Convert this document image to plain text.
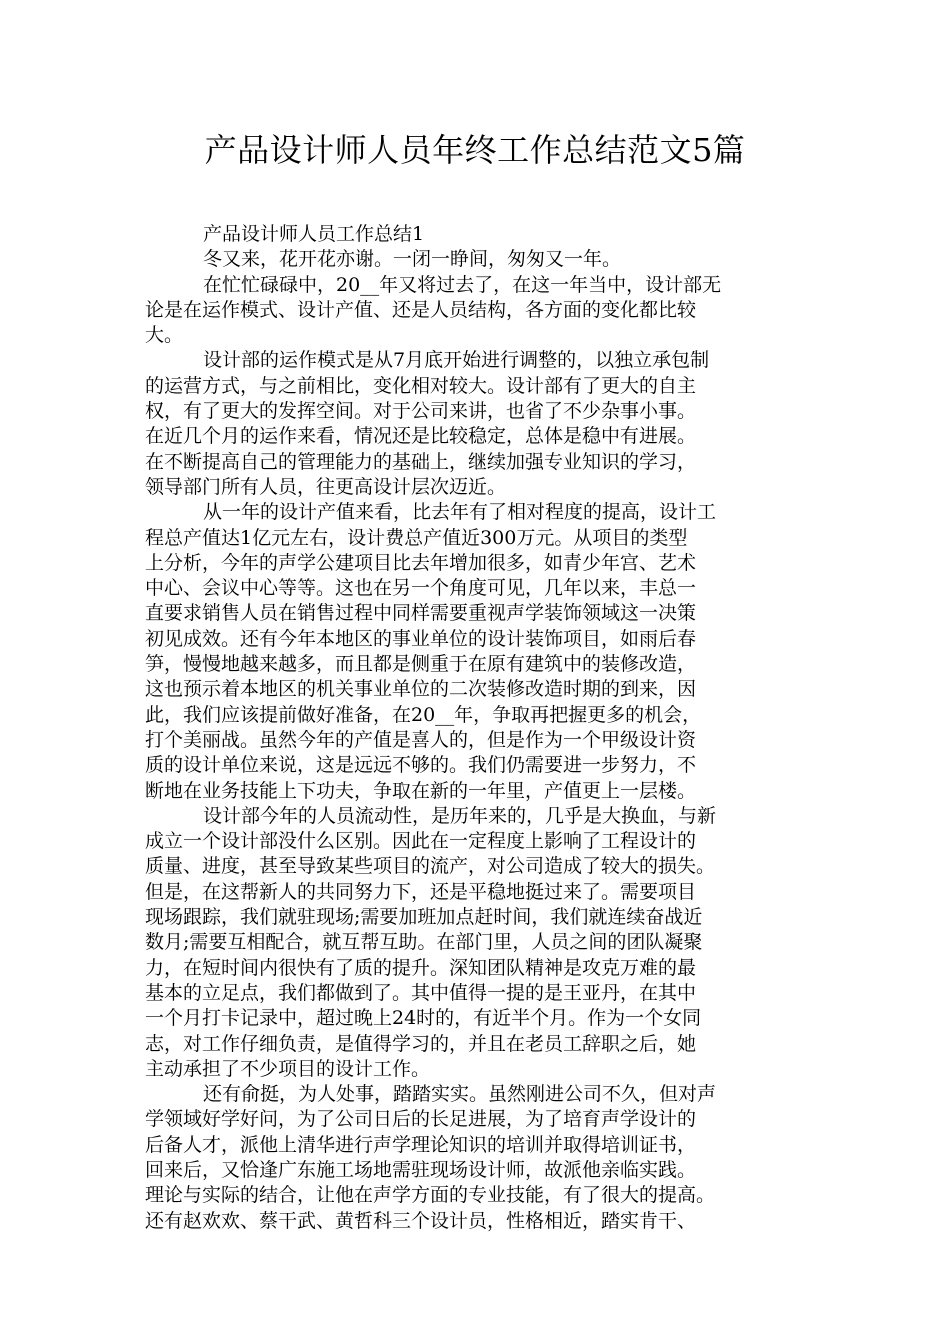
产品设计师人员年终工作总结范文5篇
产品设计师人员工作总结1
冬又来，花开花亦谢。一闭一睁间，匆匆又一年。
在忙忙碌碌中，20__年又将过去了，在这一年当中，设计部无
论是在运作模式、设计产值、还是人员结构，各方面的变化都比较
大。
设计部的运作模式是从7月底开始进行调整的，以独立承包制
的运营方式，与之前相比，变化相对较大。设计部有了更大的自主
权，有了更大的发挥空间。对于公司来讲，也省了不少杂事小事。
在近几个月的运作来看，情况还是比较稳定，总体是稳中有进展。
在不断提高自己的管理能力的基础上，继续加强专业知识的学习，
领导部门所有人员，往更高设计层次迈近。
从一年的设计产值来看，比去年有了相对程度的提高，设计工
程总产值达1亿元左右，设计费总产值近300万元。从项目的类型
上分析，今年的声学公建项目比去年增加很多，如青少年宫、艺术
中心、会议中心等等。这也在另一个角度可见，几年以来，丰总一
直要求销售人员在销售过程中同样需要重视声学装饰领域这一决策
初见成效。还有今年本地区的事业单位的设计装饰项目，如雨后春
笋，慢慢地越来越多，而且都是侧重于在原有建筑中的装修改造，
这也预示着本地区的机关事业单位的二次装修改造时期的到来，因
此，我们应该提前做好准备，在20__年，争取再把握更多的机会，
打个美丽战。虽然今年的产值是喜人的，但是作为一个甲级设计资
质的设计单位来说，这是远远不够的。我们仍需要进一步努力，不
断地在业务技能上下功夫，争取在新的一年里，产值更上一层楼。
设计部今年的人员流动性，是历年来的，几乎是大换血，与新
成立一个设计部没什么区别。因此在一定程度上影响了工程设计的
质量、进度，甚至导致某些项目的流产，对公司造成了较大的损失。
但是，在这帮新人的共同努力下，还是平稳地挺过来了。需要项目
现场跟踪，我们就驻现场;需要加班加点赶时间，我们就连续奋战近
数月;需要互相配合，就互帮互助。在部门里，人员之间的团队凝聚
力，在短时间内很快有了质的提升。深知团队精神是攻克万难的最
基本的立足点，我们都做到了。其中值得一提的是王亚丹，在其中
一个月打卡记录中，超过晚上24时的，有近半个月。作为一个女同
志，对工作仔细负责，是值得学习的，并且在老员工辞职之后，她
主动承担了不少项目的设计工作。
还有俞挺，为人处事，踏踏实实。虽然刚进公司不久，但对声
学领域好学好问，为了公司日后的长足进展，为了培育声学设计的
后备人才，派他上清华进行声学理论知识的培训并取得培训证书，
回来后，又恰逢广东施工场地需驻现场设计师，故派他亲临实践。
理论与实际的结合，让他在声学方面的专业技能，有了很大的提高。
还有赵欢欢、蔡干武、黄哲科三个设计员，性格相近，踏实肯干、
